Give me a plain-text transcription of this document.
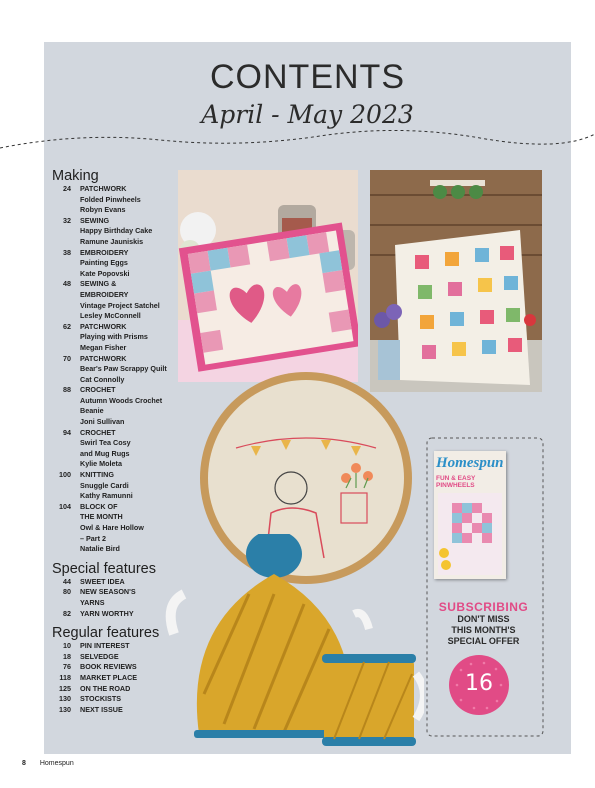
CONTENTS
April - May 2023
Making
24 PATCHWORK
Folded Pinwheels
Robyn Evans
32 SEWING
Happy Birthday Cake
Ramune Jauniskis
38 EMBROIDERY
Painting Eggs
Kate Popovski
48 SEWING &
EMBROIDERY
Vintage Project Satchel
Lesley McConnell
62 PATCHWORK
Playing with Prisms
Megan Fisher
70 PATCHWORK
Bear's Paw Scrappy Quilt
Cat Connolly
88 CROCHET
Autumn Woods Crochet
Beanie
Joni Sullivan
94 CROCHET
Swirl Tea Cosy
and Mug Rugs
Kylie Moleta
100 KNITTING
Snuggle Cardi
Kathy Ramunni
104 BLOCK OF
THE MONTH
Owl & Hare Hollow
– Part 2
Natalie Bird
Special features
44 SWEET IDEA
80 NEW SEASON'S
YARNS
82 YARN WORTHY
Regular features
10 PIN INTEREST
18 SELVEDGE
76 BOOK REVIEWS
118 MARKET PLACE
125 ON THE ROAD
130 STOCKISTS
130 NEXT ISSUE
Homespun
FUN & EASY PINWHEELS
SUBSCRIBING
DON'T MISS
THIS MONTH'S
SPECIAL OFFER
16
8 Homespun
